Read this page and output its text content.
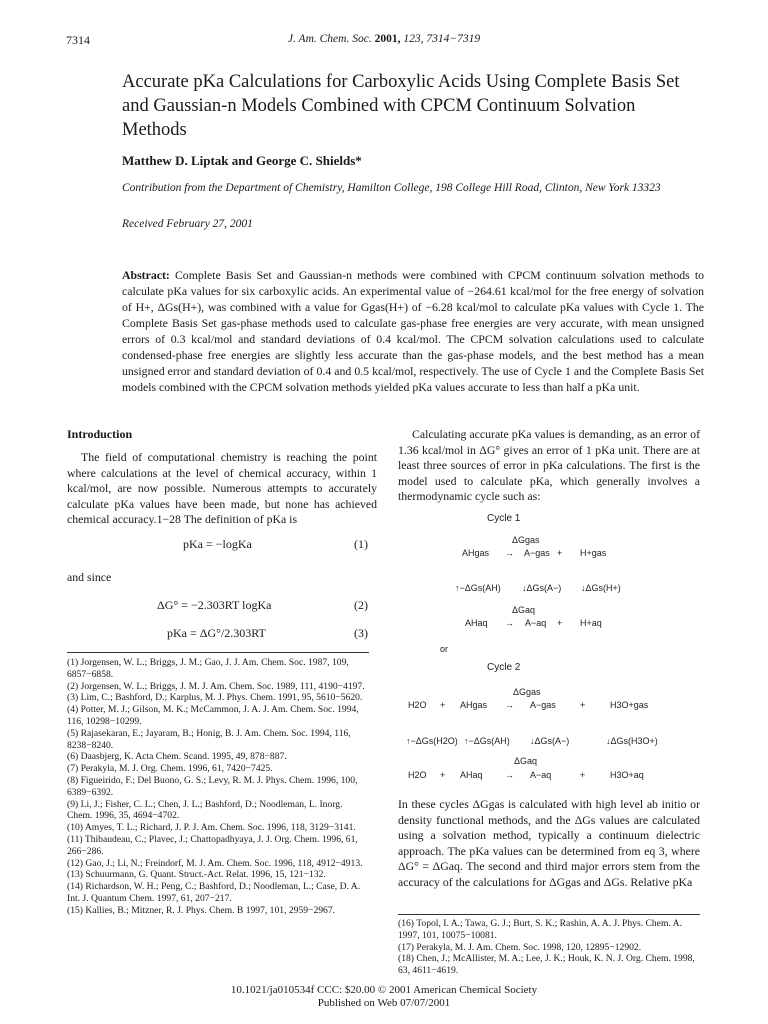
7314	J. Am. Chem. Soc. 2001, 123, 7314−7319
Accurate pKa Calculations for Carboxylic Acids Using Complete Basis Set and Gaussian-n Models Combined with CPCM Continuum Solvation Methods
Matthew D. Liptak and George C. Shields*
Contribution from the Department of Chemistry, Hamilton College, 198 College Hill Road, Clinton, New York 13323
Received February 27, 2001
Abstract: Complete Basis Set and Gaussian-n methods were combined with CPCM continuum solvation methods to calculate pKa values for six carboxylic acids. An experimental value of −264.61 kcal/mol for the free energy of solvation of H+, ΔGs(H+), was combined with a value for Ggas(H+) of −6.28 kcal/mol to calculate pKa values with Cycle 1. The Complete Basis Set gas-phase methods used to calculate gas-phase free energies are very accurate, with mean unsigned errors of 0.3 kcal/mol and standard deviations of 0.4 kcal/mol. The CPCM solvation calculations used to calculate condensed-phase free energies are slightly less accurate than the gas-phase models, and the best method has a mean unsigned error and standard deviation of 0.4 and 0.5 kcal/mol, respectively. The use of Cycle 1 and the Complete Basis Set models combined with the CPCM solvation methods yielded pKa values accurate to less than half a pKa unit.
Introduction
The field of computational chemistry is reaching the point where calculations at the level of chemical accuracy, within 1 kcal/mol, are now possible. Numerous attempts to accurately calculate pKa values have been made, but none has achieved chemical accuracy.1−28 The definition of pKa is
pKa = −logKa	(1)
and since
ΔG° = −2.303RT logKa	(2)
pKa = ΔG°/2.303RT	(3)
(1) Jorgensen, W. L.; Briggs, J. M.; Gao, J. J. Am. Chem. Soc. 1987, 109, 6857−6858.
(2) Jorgensen, W. L.; Briggs, J. M. J. Am. Chem. Soc. 1989, 111, 4190−4197.
(3) Lim, C.; Bashford, D.; Karplus, M. J. Phys. Chem. 1991, 95, 5610−5620.
(4) Potter, M. J.; Gilson, M. K.; McCammon, J. A. J. Am. Chem. Soc. 1994, 116, 10298−10299.
(5) Rajasekaran, E.; Jayaram, B.; Honig, B. J. Am. Chem. Soc. 1994, 116, 8238−8240.
(6) Daasbjerg, K. Acta Chem. Scand. 1995, 49, 878−887.
(7) Perakyla, M. J. Org. Chem. 1996, 61, 7420−7425.
(8) Figueirido, F.; Del Buono, G. S.; Levy, R. M. J. Phys. Chem. 1996, 100, 6389−6392.
(9) Li, J.; Fisher, C. L.; Chen, J. L.; Bashford, D.; Noodleman, L. Inorg. Chem. 1996, 35, 4694−4702.
(10) Amyes, T. L.; Richard, J. P. J. Am. Chem. Soc. 1996, 118, 3129−3141.
(11) Thibaudeau, C.; Plavec, J.; Chattopadhyaya, J. J. Org. Chem. 1996, 61, 266−286.
(12) Gao, J.; Li, N.; Freindorf, M. J. Am. Chem. Soc. 1996, 118, 4912−4913.
(13) Schuurmann, G. Quant. Struct.-Act. Relat. 1996, 15, 121−132.
(14) Richardson, W. H.; Peng, C.; Bashford, D.; Noodleman, L.; Case, D. A. Int. J. Quantum Chem. 1997, 61, 207−217.
(15) Kallies, B.; Mitzner, R. J. Phys. Chem. B 1997, 101, 2959−2967.
Calculating accurate pKa values is demanding, as an error of 1.36 kcal/mol in ΔG° gives an error of 1 pKa unit. There are at least three sources of error in pKa calculations. The first is the model used to calculate pKa, which generally involves a thermodynamic cycle such as:
Cycle 1
ΔGgas
AHgas → A−gas + H+gas
↑−ΔGs(AH) ↓ΔGs(A−) ↓ΔGs(H+)
ΔGaq
AHaq → A−aq + H+aq
or
Cycle 2
ΔGgas
H2O + AHgas → A−gas	+	H3O+gas
↑−ΔGs(H2O) ↑−ΔGs(AH) ↓ΔGs(A−)	↓ΔGs(H3O+)
ΔGaq
H2O + AHaq → A−aq	+	H3O+aq
In these cycles ΔGgas is calculated with high level ab initio or density functional methods, and the ΔGs values are calculated using a solvation method, typically a continuum dielectric approach. The pKa values can be determined from eq 3, where ΔG° = ΔGaq. The second and third major errors stem from the accuracy of the calculations for ΔGgas and ΔGs. Relative pKa
(16) Topol, I. A.; Tawa, G. J.; Burt, S. K.; Rashin, A. A. J. Phys. Chem. A. 1997, 101, 10075−10081.
(17) Perakyla, M. J. Am. Chem. Soc. 1998, 120, 12895−12902.
(18) Chen, J.; McAllister, M. A.; Lee, J. K.; Houk, K. N. J. Org. Chem. 1998, 63, 4611−4619.
10.1021/ja010534f CCC: $20.00 © 2001 American Chemical Society
Published on Web 07/07/2001
